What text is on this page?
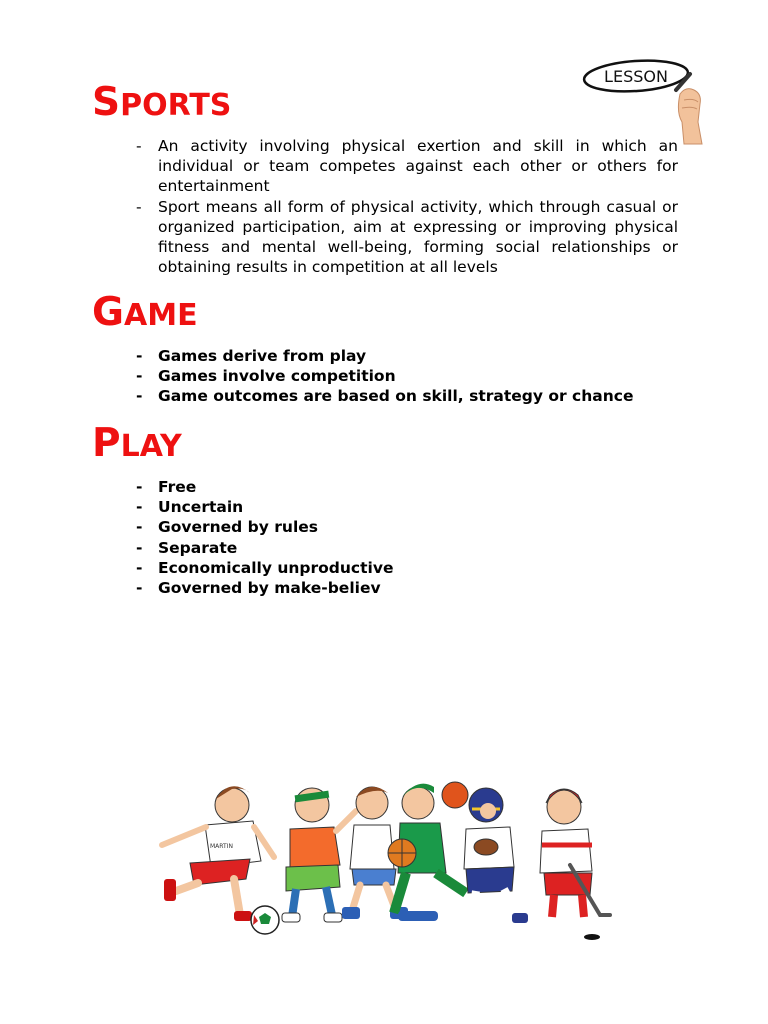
LESSON
SPORTS
- An activity involving physical exertion and skill in which an individual or team competes against each other or others for entertainment
- Sport means all form of physical activity, which through casual or organized participation, aim at expressing or improving physical fitness and mental well-being, forming social relationships or obtaining results in competition at all levels
GAME
- Games derive from play
- Games involve competition
- Game outcomes are based on skill, strategy or chance
PLAY
- Free
- Uncertain
- Governed by rules
- Separate
- Economically unproductive
- Governed by make-believ
MARTIN
